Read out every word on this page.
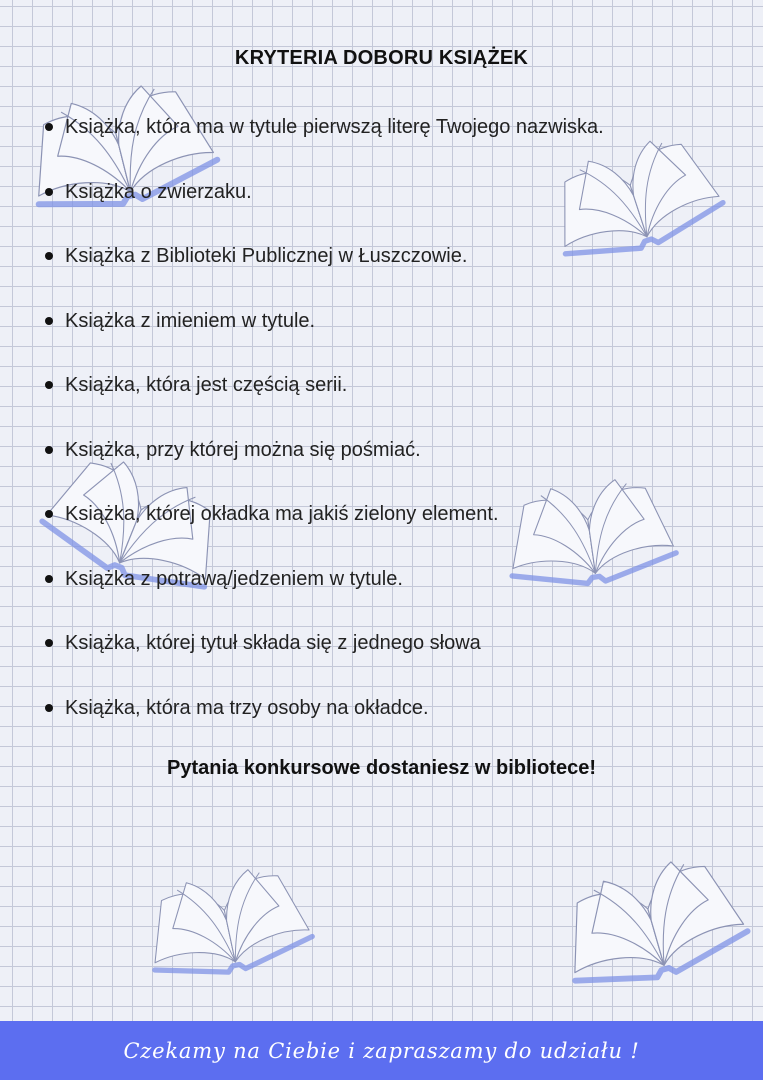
KRYTERIA DOBORU KSIĄŻEK
Książka, która ma w tytule pierwszą literę Twojego nazwiska.
Książka o zwierzaku.
Książka z Biblioteki Publicznej w Łuszczowie.
Książka z imieniem w tytule.
Książka, która jest częścią serii.
Książka, przy której można się pośmiać.
Książka, której okładka ma jakiś zielony element.
Książka z potrawą/jedzeniem w tytule.
Książka, której tytuł składa się z jednego słowa
Książka, która ma trzy osoby na okładce.

Pytania konkursowe dostaniesz w bibliotece!

Czekamy na Ciebie i zapraszamy do udziału !
